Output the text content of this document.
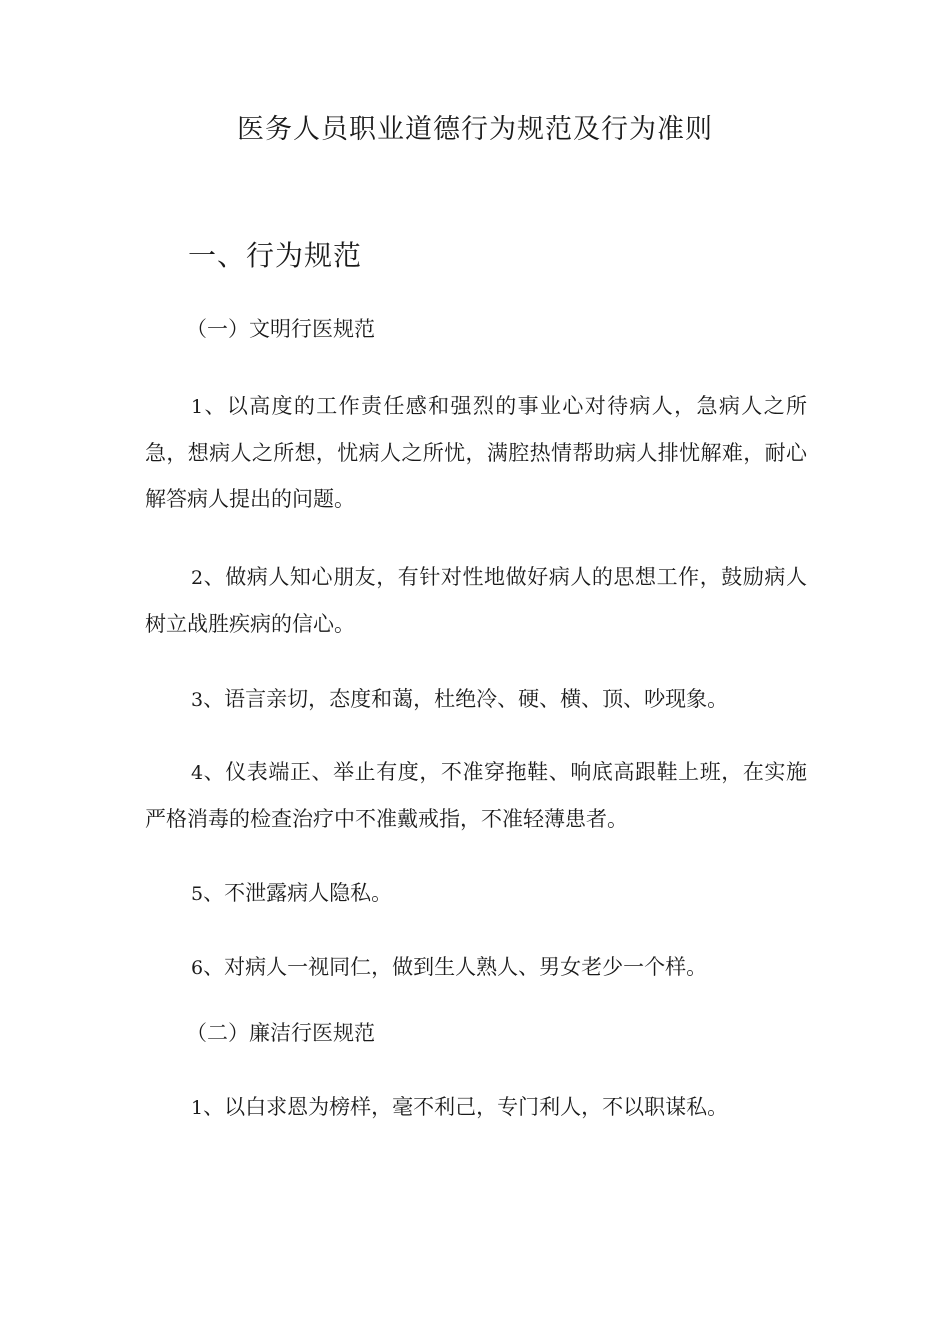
医务人员职业道德行为规范及行为准则
一、行为规范
（一）文明行医规范

1、以高度的工作责任感和强烈的事业心对待病人，急病人之所急，想病人之所想，忧病人之所忧，满腔热情帮助病人排忧解难，耐心解答病人提出的问题。

2、做病人知心朋友，有针对性地做好病人的思想工作，鼓励病人树立战胜疾病的信心。

3、语言亲切，态度和蔼，杜绝冷、硬、横、顶、吵现象。

4、仪表端正、举止有度，不准穿拖鞋、响底高跟鞋上班，在实施严格消毒的检查治疗中不准戴戒指，不准轻薄患者。

5、不泄露病人隐私。

6、对病人一视同仁，做到生人熟人、男女老少一个样。

（二）廉洁行医规范

1、以白求恩为榜样，毫不利己，专门利人，不以职谋私。
